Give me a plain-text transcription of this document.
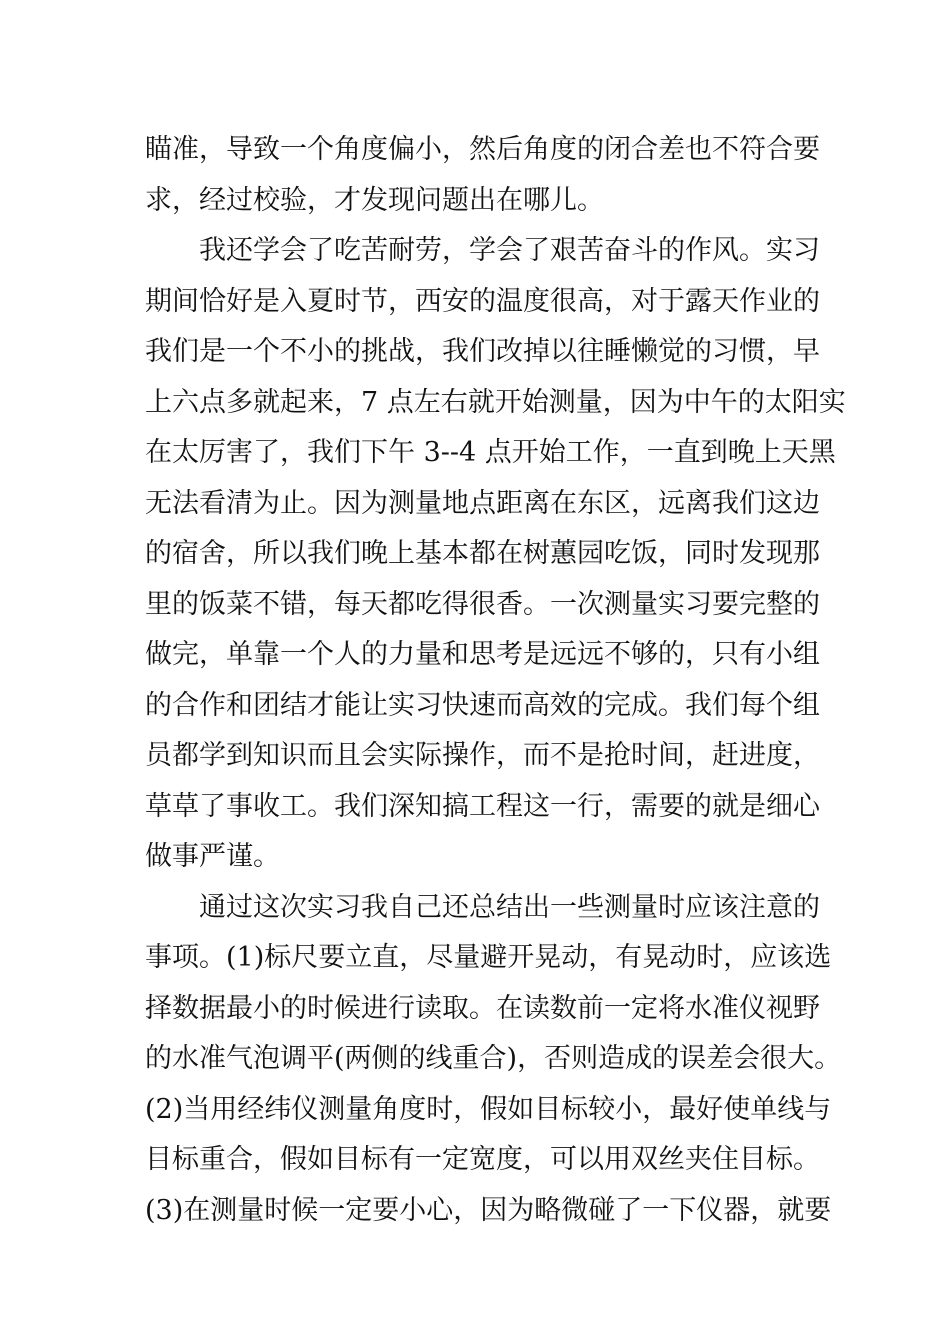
瞄准，导致一个角度偏小，然后角度的闭合差也不符合要
求，经过校验，才发现问题出在哪儿。
我还学会了吃苦耐劳，学会了艰苦奋斗的作风。实习
期间恰好是入夏时节，西安的温度很高，对于露天作业的
我们是一个不小的挑战，我们改掉以往睡懒觉的习惯，早
上六点多就起来，7 点左右就开始测量，因为中午的太阳实
在太厉害了，我们下午 3--4 点开始工作，一直到晚上天黑
无法看清为止。因为测量地点距离在东区，远离我们这边
的宿舍，所以我们晚上基本都在树蕙园吃饭，同时发现那
里的饭菜不错，每天都吃得很香。一次测量实习要完整的
做完，单靠一个人的力量和思考是远远不够的，只有小组
的合作和团结才能让实习快速而高效的完成。我们每个组
员都学到知识而且会实际操作，而不是抢时间，赶进度，
草草了事收工。我们深知搞工程这一行，需要的就是细心
做事严谨。
通过这次实习我自己还总结出一些测量时应该注意的
事项。(1)标尺要立直，尽量避开晃动，有晃动时，应该选
择数据最小的时候进行读取。在读数前一定将水准仪视野
的水准气泡调平(两侧的线重合)，否则造成的误差会很大。
(2)当用经纬仪测量角度时，假如目标较小，最好使单线与
目标重合，假如目标有一定宽度，可以用双丝夹住目标。
(3)在测量时候一定要小心，因为略微碰了一下仪器，就要
